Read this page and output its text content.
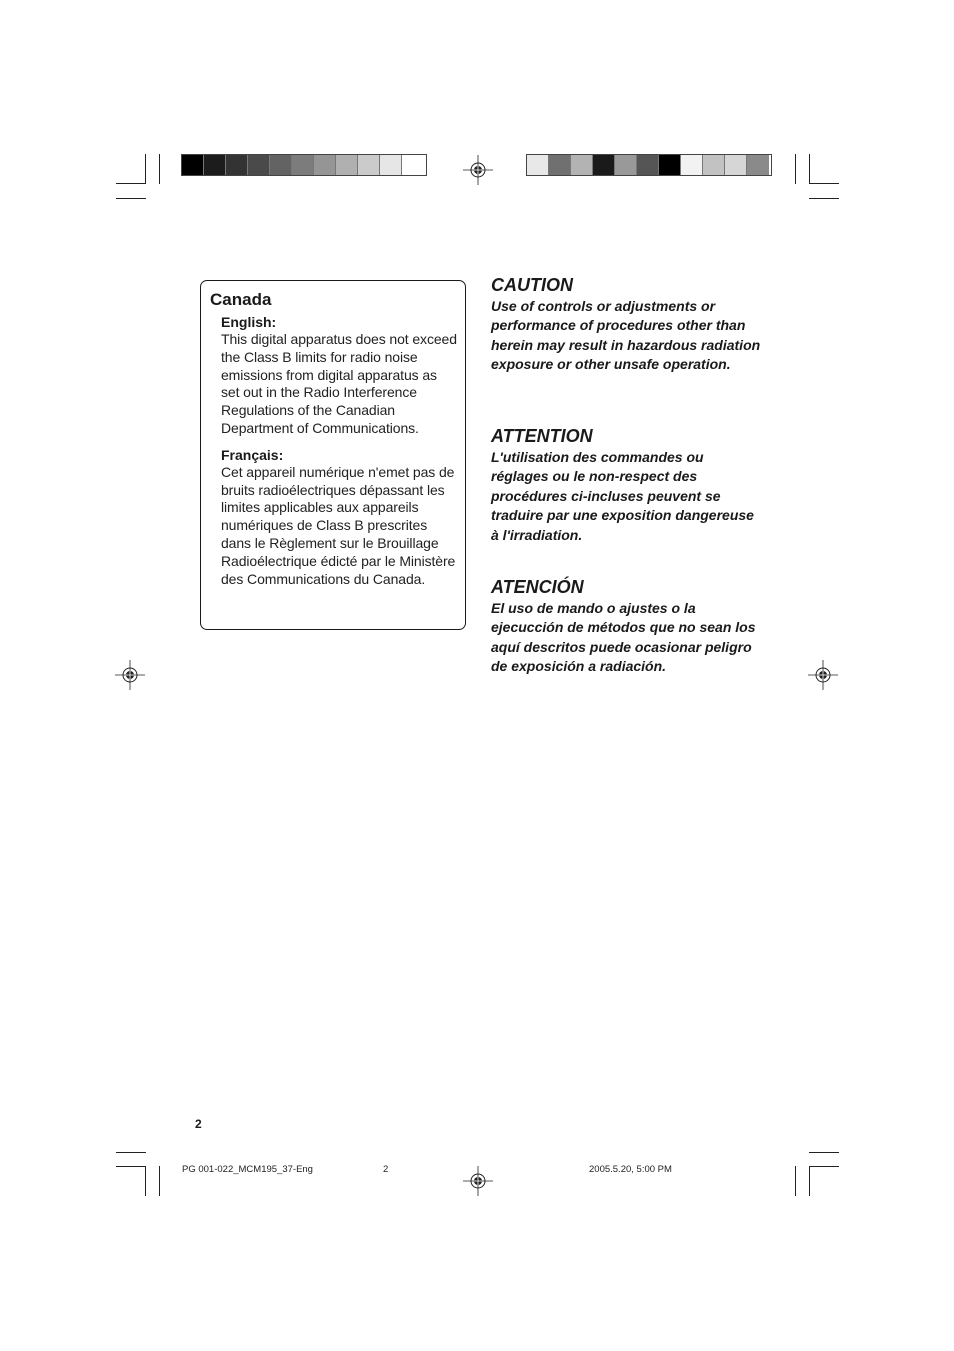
Canada
English:
This digital apparatus does not exceed the Class B limits for radio noise emissions from digital apparatus as set out in the Radio Interference Regulations of the Canadian Department of Communications.
Français:
Cet appareil numérique n'emet pas de bruits radioélectriques dépassant les limites applicables aux appareils numériques de Class B prescrites dans le Règlement sur le Brouillage Radioélectrique édicté par le Ministère des Communications du Canada.
CAUTION
Use of controls or adjustments or performance of procedures other than herein may result in hazardous radiation exposure or other unsafe operation.
ATTENTION
L'utilisation des commandes ou réglages ou le non-respect des procédures ci-incluses peuvent se traduire par une exposition dangereuse à l'irradiation.
ATENCIÓN
El uso de mando o ajustes o la ejecucción de métodos que no sean los aquí descritos puede ocasionar peligro de exposición a radiación.
2
PG 001-022_MCM195_37-Eng	2	2005.5.20, 5:00 PM
